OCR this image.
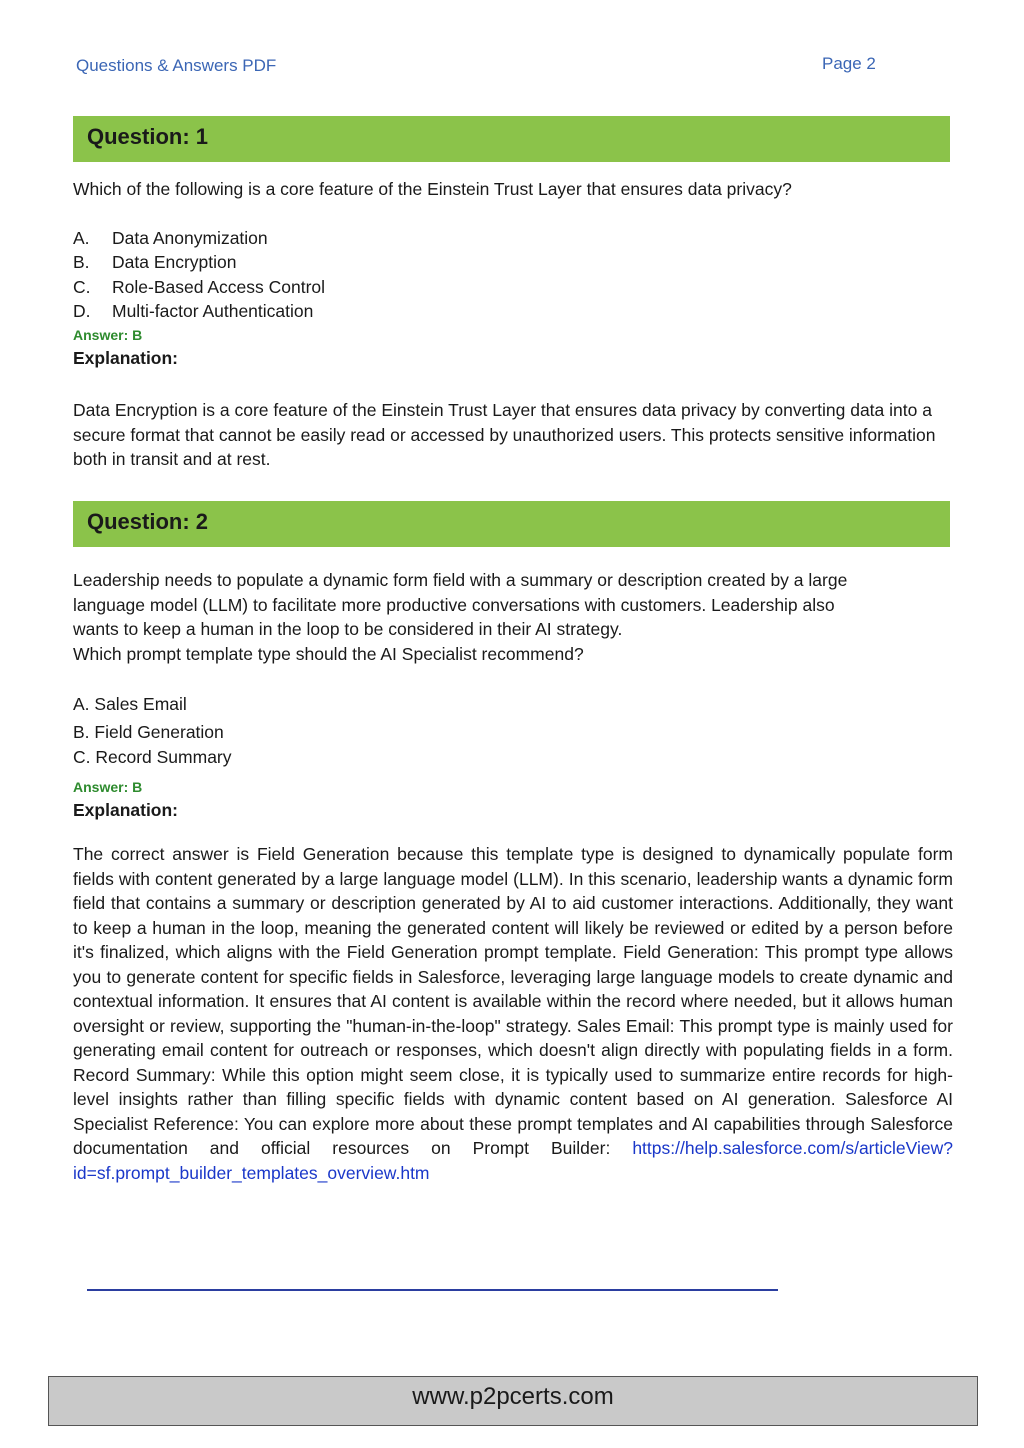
Questions & Answers PDF	Page 2
Question: 1
Which of the following is a core feature of the Einstein Trust Layer that ensures data privacy?
A. Data Anonymization
B. Data Encryption
C. Role-Based Access Control
D. Multi-factor Authentication
Answer: B
Explanation:
Data Encryption is a core feature of the Einstein Trust Layer that ensures data privacy by converting data into a secure format that cannot be easily read or accessed by unauthorized users. This protects sensitive information both in transit and at rest.
Question: 2
Leadership needs to populate a dynamic form field with a summary or description created by a large
language model (LLM) to facilitate more productive conversations with customers. Leadership also
wants to keep a human in the loop to be considered in their AI strategy.
Which prompt template type should the AI Specialist recommend?
A. Sales Email
B. Field Generation
C. Record Summary
Answer: B
Explanation:
The correct answer is Field Generation because this template type is designed to dynamically populate form fields with content generated by a large language model (LLM). In this scenario, leadership wants a dynamic form field that contains a summary or description generated by AI to aid customer interactions. Additionally, they want to keep a human in the loop, meaning the generated content will likely be reviewed or edited by a person before it's finalized, which aligns with the Field Generation prompt template. Field Generation: This prompt type allows you to generate content for specific fields in Salesforce, leveraging large language models to create dynamic and contextual information. It ensures that AI content is available within the record where needed, but it allows human oversight or review, supporting the "human-in-the-loop" strategy. Sales Email: This prompt type is mainly used for generating email content for outreach or responses, which doesn't align directly with populating fields in a form. Record Summary: While this option might seem close, it is typically used to summarize entire records for high-level insights rather than filling specific fields with dynamic content based on AI generation. Salesforce AI Specialist Reference: You can explore more about these prompt templates and AI capabilities through Salesforce documentation and official resources on Prompt Builder: https://help.salesforce.com/s/articleView?id=sf.prompt_builder_templates_overview.htm
www.p2pcerts.com
